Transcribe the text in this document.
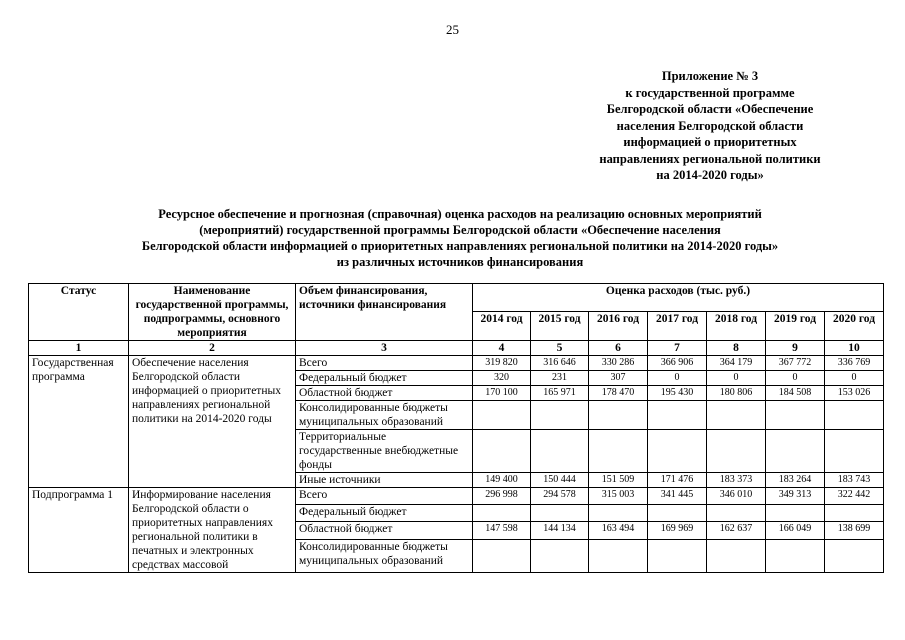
25
Приложение № 3
к государственной программе
Белгородской области «Обеспечение
населения Белгородской области
информацией о приоритетных
направлениях региональной политики
на 2014-2020 годы»
Ресурсное обеспечение и прогнозная (справочная) оценка расходов на реализацию основных мероприятий
(мероприятий) государственной программы Белгородской области «Обеспечение населения
Белгородской области информацией о приоритетных направлениях региональной политики на 2014-2020 годы»
из различных источников финансирования
Статус	Наименование государственной программы, подпрограммы, основного мероприятия	Объем финансирования, источники финансирования	Оценка расходов (тыс. руб.)						
			2014 год	2015 год	2016 год	2017 год	2018 год	2019 год	2020 год
1	2	3	4	5	6	7	8	9	10
Государственная программа	Обеспечение населения Белгородской области информацией о приоритетных направлениях региональной политики на 2014-2020 годы	Всего	319 820	316 646	330 286	366 906	364 179	367 772	336 769
		Федеральный бюджет	320	231	307	0	0	0	0
		Областной бюджет	170 100	165 971	178 470	195 430	180 806	184 508	153 026
		Консолидированные бюджеты муниципальных образований							
		Территориальные государственные внебюджетные фонды							
		Иные источники	149 400	150 444	151 509	171 476	183 373	183 264	183 743
Подпрограмма 1	Информирование населения Белгородской области о приоритетных направлениях региональной политики в печатных и электронных средствах массовой	Всего	296 998	294 578	315 003	341 445	346 010	349 313	322 442
		Федеральный бюджет							
		Областной бюджет	147 598	144 134	163 494	169 969	162 637	166 049	138 699
		Консолидированные бюджеты муниципальных образований							
